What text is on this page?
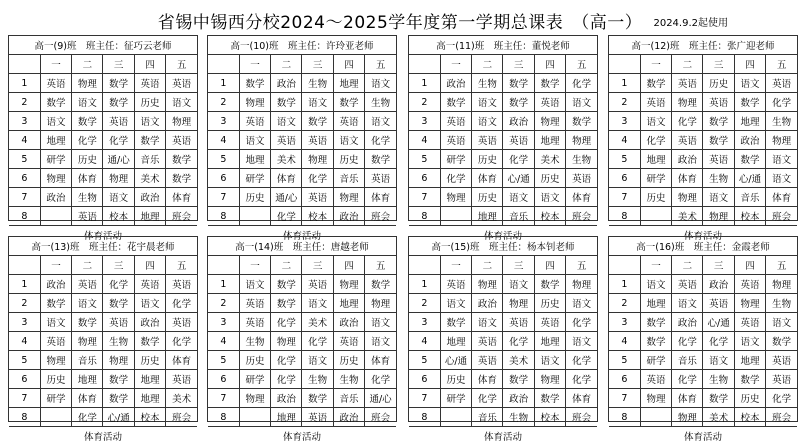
省锡中锡西分校2024～2025学年度第一学期总课表　（高一）	2024.9.2起使用
高一(9)班　班主任：征巧云老师					
	一	二	三	四	五
1	英语	物理	数学	英语	英语
2	数学	语文	数学	历史	语文
3	语文	数学	英语	语文	物理
4	地理	化学	化学	数学	英语
5	研学	历史	通/心	音乐	数学
6	物理	体育	物理	美术	数学
7	政治	生物	语文	政治	体育
8		英语	校本	地理	班会
体育活动					
高一(10)班　班主任：许玲亚老师					
	一	二	三	四	五
1	数学	政治	生物	地理	语文
2	物理	数学	语文	数学	生物
3	英语	语文	数学	英语	语文
4	语文	英语	英语	语文	化学
5	地理	美术	物理	历史	数学
6	研学	体育	化学	音乐	英语
7	历史	通/心	英语	物理	体育
8		化学	校本	政治	班会
体育活动					
高一(11)班　班主任：董悦老师					
	一	二	三	四	五
1	政治	生物	数学	数学	化学
2	数学	语文	数学	英语	语文
3	英语	语文	政治	物理	数学
4	英语	英语	英语	地理	物理
5	研学	历史	化学	美术	生物
6	化学	体育	心/通	历史	英语
7	物理	历史	语文	语文	体育
8		地理	音乐	校本	班会
体育活动					
高一(12)班　班主任：张广迎老师					
	一	二	三	四	五
1	数学	英语	历史	语文	英语
2	英语	物理	英语	数学	化学
3	语文	化学	数学	地理	生物
4	化学	英语	数学	政治	物理
5	地理	政治	英语	数学	语文
6	研学	体育	生物	心/通	语文
7	历史	物理	语文	音乐	体育
8		美术	物理	校本	班会
体育活动					
高一(13)班　班主任：花宇晨老师					
	一	二	三	四	五
1	政治	英语	化学	英语	英语
2	数学	语文	数学	语文	化学
3	语文	数学	英语	政治	英语
4	英语	物理	生物	数学	化学
5	物理	音乐	物理	历史	体育
6	历史	地理	数学	地理	英语
7	研学	体育	数学	地理	美术
8		化学	心/通	校本	班会
体育活动					
高一(14)班　班主任：唐越老师					
	一	二	三	四	五
1	语文	数学	英语	物理	数学
2	英语	数学	语文	地理	物理
3	英语	化学	美术	政治	语文
4	生物	物理	化学	英语	语文
5	历史	化学	语文	历史	体育
6	研学	化学	生物	生物	化学
7	物理	政治	数学	音乐	通/心
8		地理	英语	政治	班会
体育活动					
高一(15)班　班主任：杨本钊老师					
	一	二	三	四	五
1	英语	物理	语文	数学	物理
2	语文	政治	物理	历史	语文
3	数学	语文	英语	英语	化学
4	地理	英语	化学	地理	语文
5	心/通	英语	美术	语文	化学
6	历史	体育	数学	物理	化学
7	研学	化学	政治	数学	体育
8		音乐	生物	校本	班会
体育活动					
高一(16)班　班主任：金霞老师					
	一	二	三	四	五
1	语文	英语	政治	英语	物理
2	地理	语文	英语	物理	生物
3	数学	政治	心/通	英语	语文
4	数学	化学	化学	语文	数学
5	研学	音乐	语文	地理	英语
6	英语	化学	生物	数学	英语
7	物理	体育	数学	历史	化学
8		物理	美术	校本	班会
体育活动					
